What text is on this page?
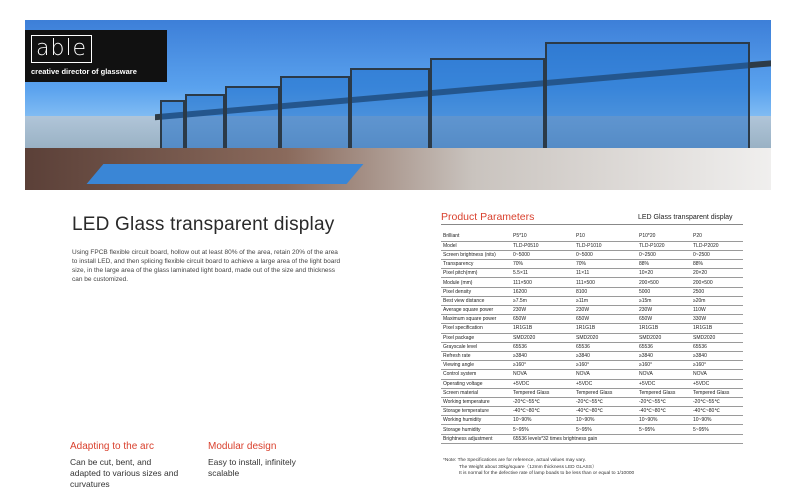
able
creative director of glassware
LED Glass transparent display

Using FPCB flexible circuit board, hollow out at least 80% of the area, retain 20% of the area to install LED, and then splicing flexible circuit board to achieve a large area of the light board size, in the large area of the glass laminated light board, made out of the size and thickness can be customized.

Adapting to the arc
Can be cut, bent, and adapted to various sizes and curvatures
Modular design
Easy to install, infinitely scalable
Product Parameters	LED Glass transparent display
Brilliant	P5*10	P10	P10*20	P20
Model	TLD-P0510	TLD-P1010	TLD-P1020	TLD-P2020
Screen brightness (nits)	0~5000	0~5000	0~2500	0~2500
Transparency	70%	70%	88%	88%
Pixel pitch(mm)	5.5×11	11×11	10×20	20×20
Module (mm)	111×500	111×500	200×500	200×500
Pixel density	16200	8100	5000	2500
Best view distance	≥7.5m	≥11m	≥15m	≥20m
Average square power	230W	230W	230W	110W
Maximum square power	650W	650W	650W	330W
Pixel specification	1R1G1B	1R1G1B	1R1G1B	1R1G1B
Pixel package	SMD2020	SMD2020	SMD2020	SMD2020
Grayscale level	65536	65536	65536	65536
Refresh rate	≥3840	≥3840	≥3840	≥3840
Viewing angle	≥160°	≥160°	≥160°	≥160°
Control system	NOVA	NOVA	NOVA	NOVA
Operating voltage	+5VDC	+5VDC	+5VDC	+5VDC
Screen material	Tempered Glass	Tempered Glass	Tempered Glass	Tempered Glass
Working temperature	-20℃~55℃	-20℃~55℃	-20℃~55℃	-20℃~55℃
Storage temperature	-40℃~80℃	-40℃~80℃	-40℃~80℃	-40℃~80℃
Working humidity	10~90%	10~90%	10~90%	10~90%
Storage humidity	5~95%	5~95%	5~95%	5~95%
Brightness adjustment	65536 levels*32 times brightness gain			
*Note: The Specifications are for reference, actual values may vary.
The Weight about 30kg/square（12mm thickness LED GLASS）
It is normal for the defective rate of lamp boads to be less than or equal to 1/10000
